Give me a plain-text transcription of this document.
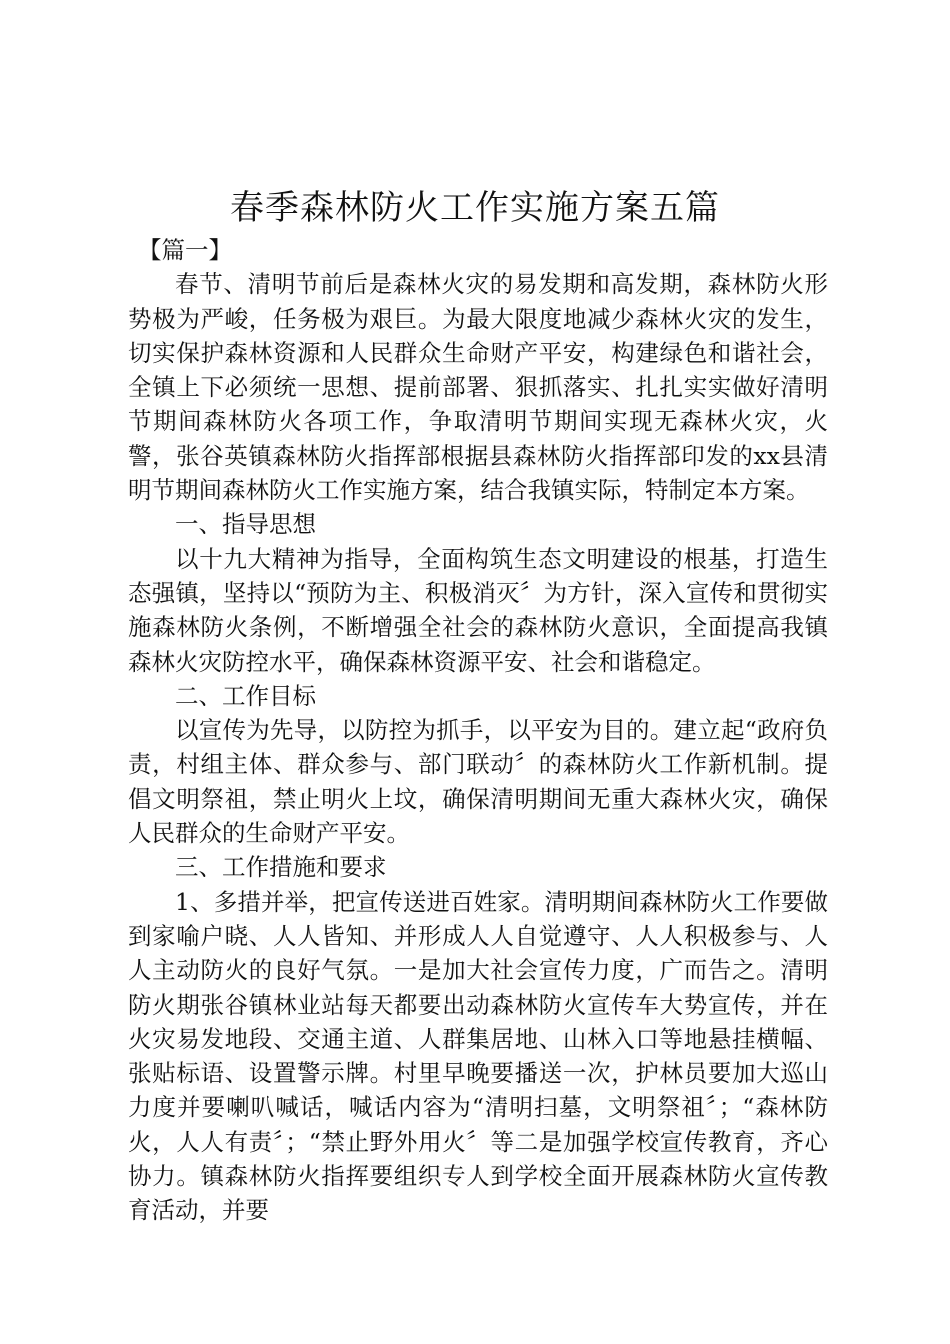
春季森林防火工作实施方案五篇

【篇一】

春节、清明节前后是森林火灾的易发期和高发期，森林防火形势极为严峻，任务极为艰巨。为最大限度地减少森林火灾的发生，切实保护森林资源和人民群众生命财产平安，构建绿色和谐社会，全镇上下必须统一思想、提前部署、狠抓落实、扎扎实实做好清明节期间森林防火各项工作，争取清明节期间实现无森林火灾，火警，张谷英镇森林防火指挥部根据县森林防火指挥部印发的xx县清明节期间森林防火工作实施方案，结合我镇实际，特制定本方案。

一、指导思想

以十九大精神为指导，全面构筑生态文明建设的根基，打造生态强镇，坚持以“预防为主、积极消灭〞为方针，深入宣传和贯彻实施森林防火条例，不断增强全社会的森林防火意识，全面提高我镇森林火灾防控水平，确保森林资源平安、社会和谐稳定。

二、工作目标

以宣传为先导，以防控为抓手，以平安为目的。建立起“政府负责，村组主体、群众参与、部门联动〞的森林防火工作新机制。提倡文明祭祖，禁止明火上坟，确保清明期间无重大森林火灾，确保人民群众的生命财产平安。

三、工作措施和要求

1、多措并举，把宣传送进百姓家。清明期间森林防火工作要做到家喻户晓、人人皆知、并形成人人自觉遵守、人人积极参与、人人主动防火的良好气氛。一是加大社会宣传力度，广而告之。清明防火期张谷镇林业站每天都要出动森林防火宣传车大势宣传，并在火灾易发地段、交通主道、人群集居地、山林入口等地悬挂横幅、张贴标语、设置警示牌。村里早晚要播送一次，护林员要加大巡山力度并要喇叭喊话，喊话内容为“清明扫墓，文明祭祖〞；“森林防火，人人有责〞；“禁止野外用火〞等二是加强学校宣传教育，齐心协力。镇森林防火指挥要组织专人到学校全面开展森林防火宣传教育活动，并要
